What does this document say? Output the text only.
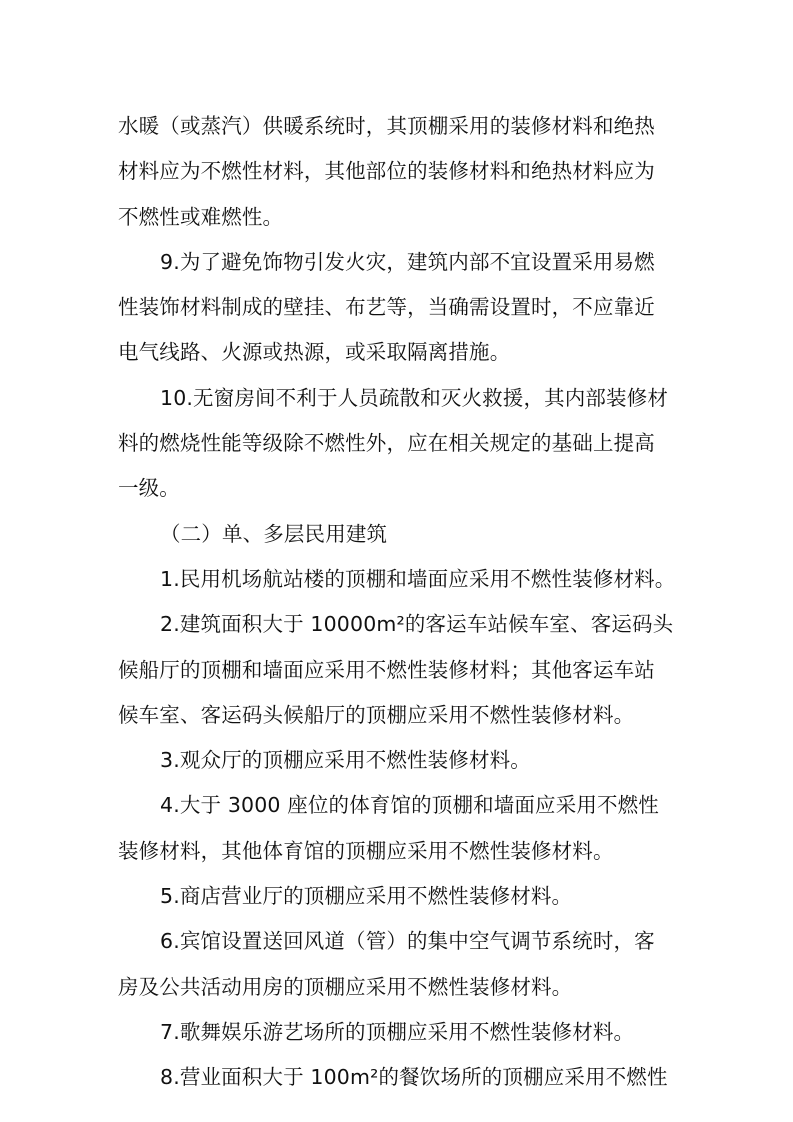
水暖（或蒸汽）供暖系统时，其顶棚采用的装修材料和绝热
材料应为不燃性材料，其他部位的装修材料和绝热材料应为
不燃性或难燃性。
9.为了避免饰物引发火灾，建筑内部不宜设置采用易燃
性装饰材料制成的壁挂、布艺等，当确需设置时，不应靠近
电气线路、火源或热源，或采取隔离措施。
10.无窗房间不利于人员疏散和灭火救援，其内部装修材
料的燃烧性能等级除不燃性外，应在相关规定的基础上提高
一级。
（二）单、多层民用建筑
1.民用机场航站楼的顶棚和墙面应采用不燃性装修材料。
2.建筑面积大于 10000m²的客运车站候车室、客运码头
候船厅的顶棚和墙面应采用不燃性装修材料；其他客运车站
候车室、客运码头候船厅的顶棚应采用不燃性装修材料。
3.观众厅的顶棚应采用不燃性装修材料。
4.大于 3000 座位的体育馆的顶棚和墙面应采用不燃性
装修材料，其他体育馆的顶棚应采用不燃性装修材料。
5.商店营业厅的顶棚应采用不燃性装修材料。
6.宾馆设置送回风道（管）的集中空气调节系统时，客
房及公共活动用房的顶棚应采用不燃性装修材料。
7.歌舞娱乐游艺场所的顶棚应采用不燃性装修材料。
8.营业面积大于 100m²的餐饮场所的顶棚应采用不燃性
